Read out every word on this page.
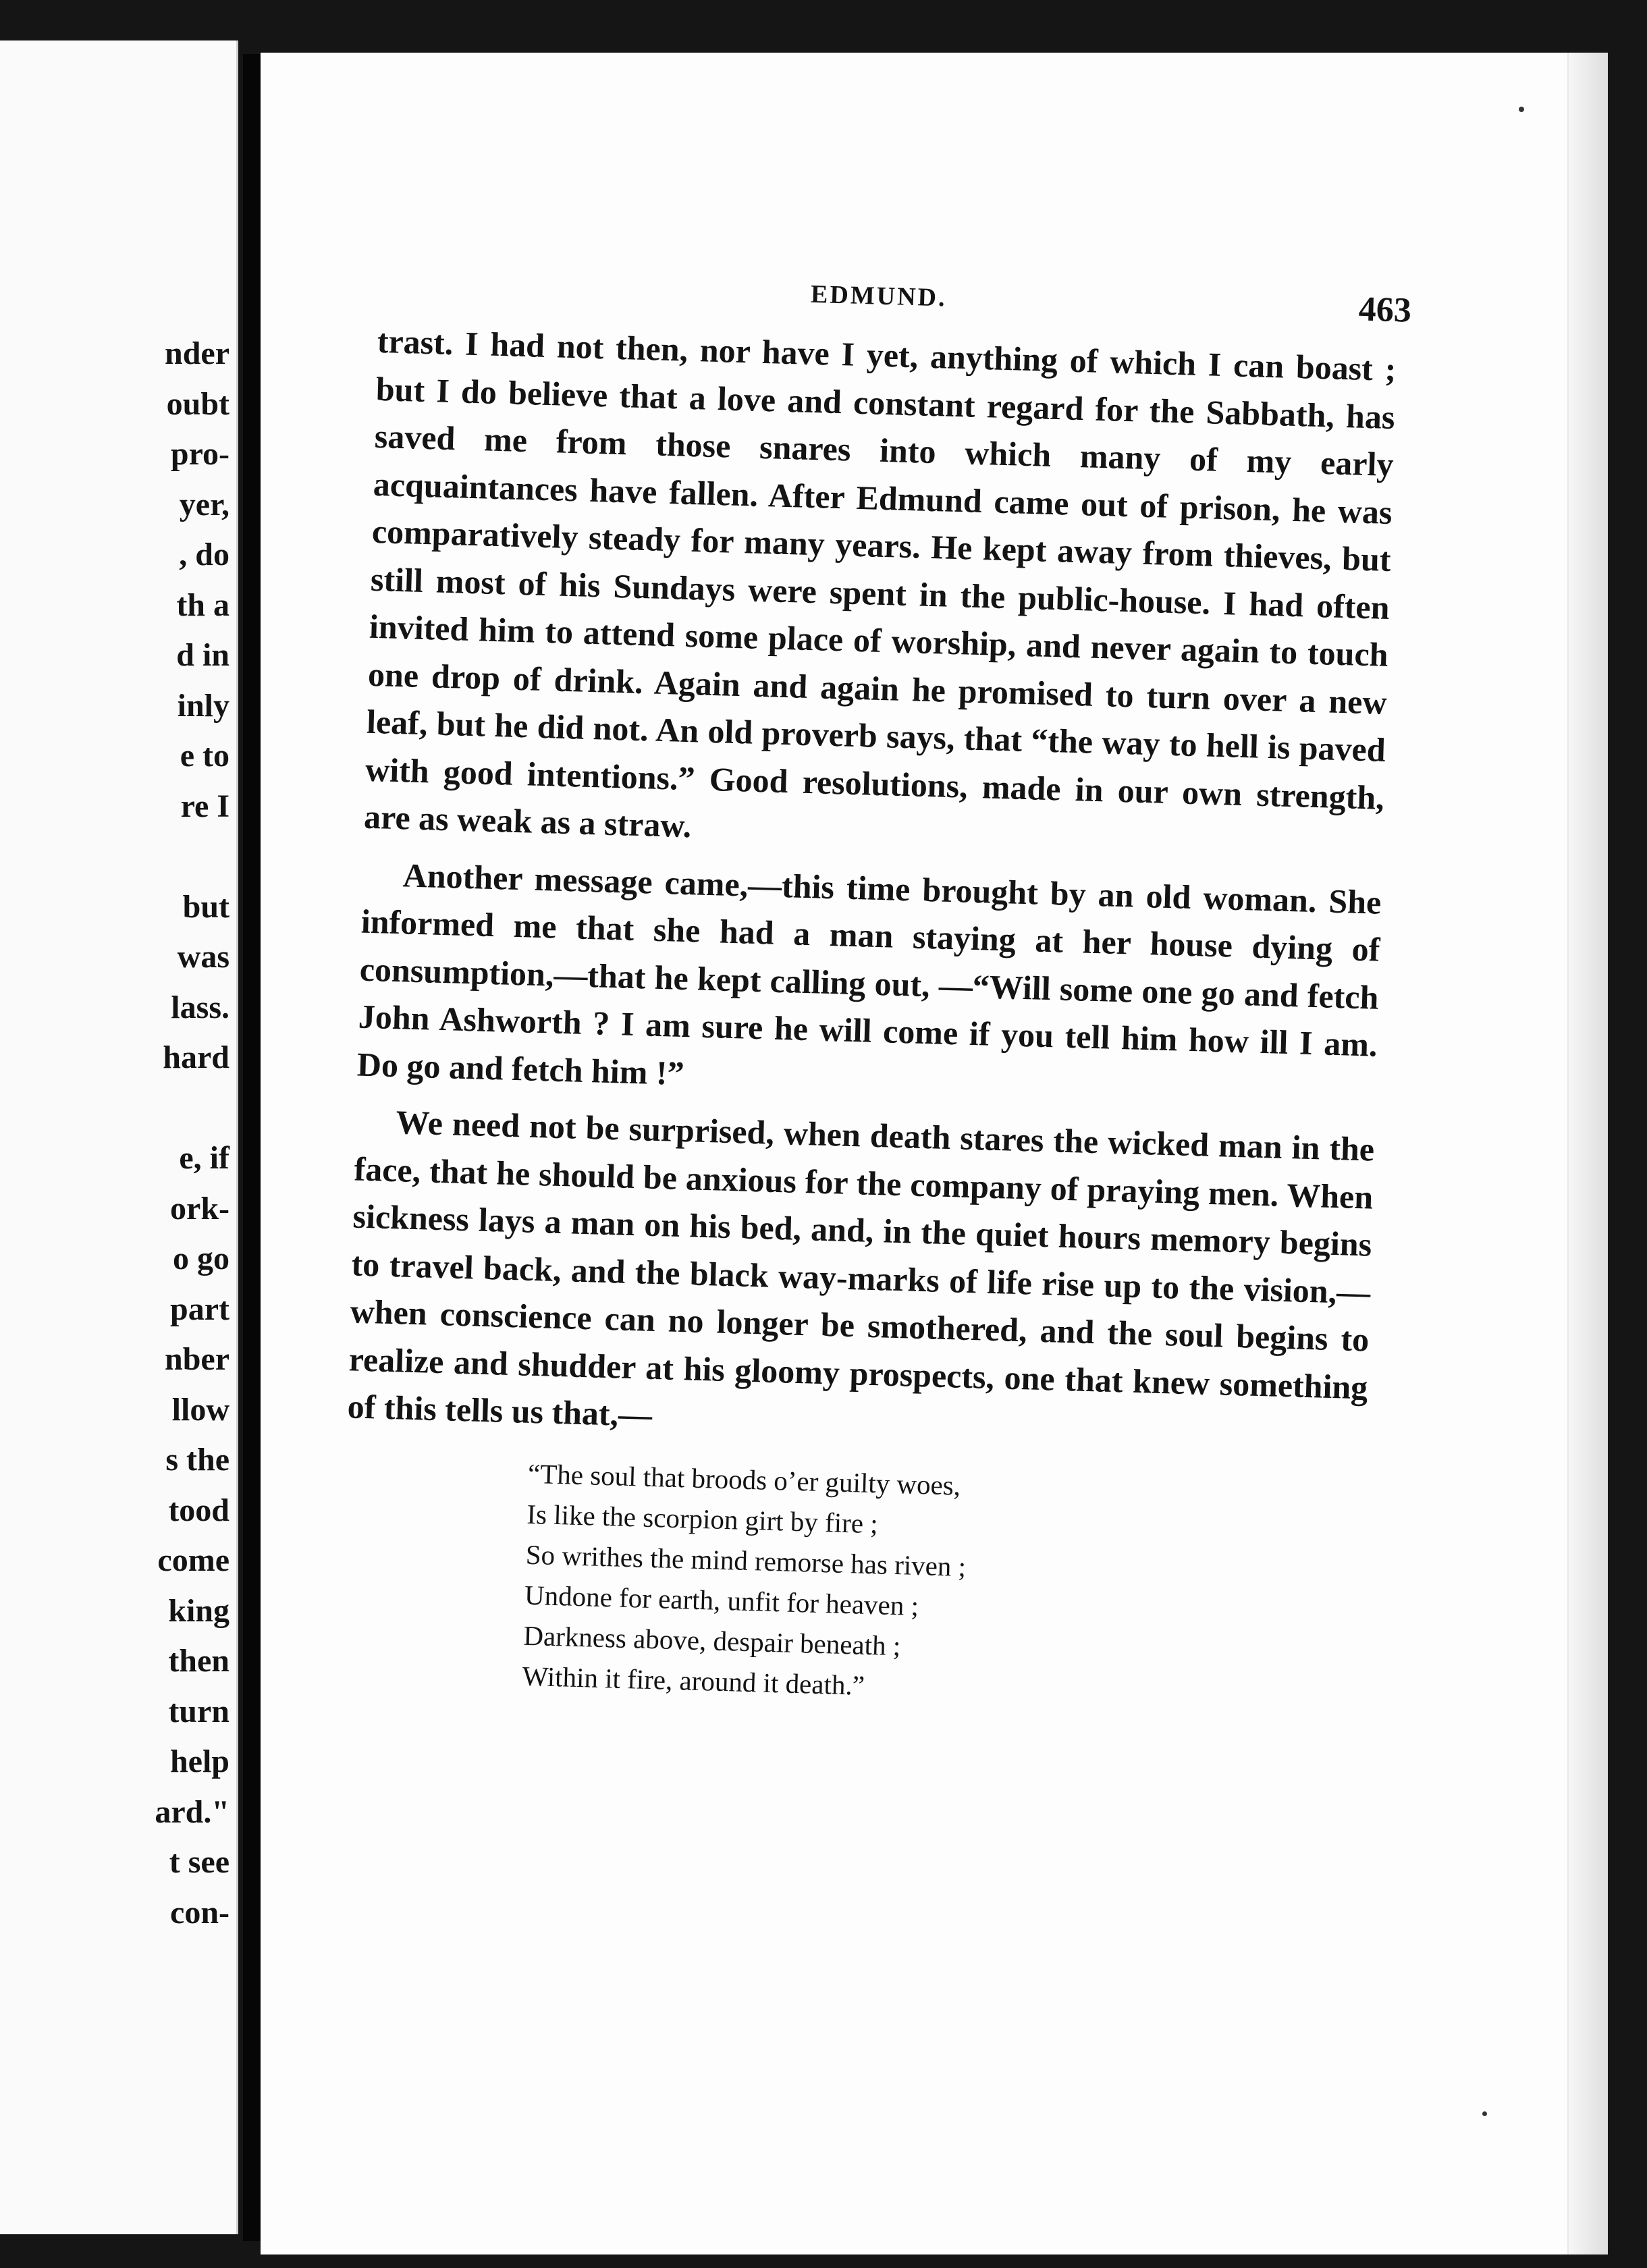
nder
oubt
pro-
yer,
, do
th a
d in
inly
e to
re I
but
was
lass.
hard
e, if
ork-
o go
part
nber
llow
s the
tood
come
king
then
turn
help
ard."
t see
con-
EDMUND.	463

trast. I had not then, nor have I yet, anything of which I can boast ; but I do believe that a love and constant regard for the Sabbath, has saved me from those snares into which many of my early acquaintances have fallen. After Edmund came out of prison, he was comparatively steady for many years. He kept away from thieves, but still most of his Sundays were spent in the public-house. I had often invited him to attend some place of worship, and never again to touch one drop of drink. Again and again he promised to turn over a new leaf, but he did not. An old proverb says, that “the way to hell is paved with good intentions.” Good resolutions, made in our own strength, are as weak as a straw.

Another message came,—this time brought by an old woman. She informed me that she had a man staying at her house dying of consumption,—that he kept calling out, —“Will some one go and fetch John Ashworth ? I am sure he will come if you tell him how ill I am. Do go and fetch him !”

We need not be surprised, when death stares the wicked man in the face, that he should be anxious for the company of praying men. When sickness lays a man on his bed, and, in the quiet hours memory begins to travel back, and the black way-marks of life rise up to the vision,—when conscience can no longer be smothered, and the soul begins to realize and shudder at his gloomy prospects, one that knew something of this tells us that,—

“The soul that broods o’er guilty woes,
Is like the scorpion girt by fire ;
So writhes the mind remorse has riven ;
Undone for earth, unfit for heaven ;
Darkness above, despair beneath ;
Within it fire, around it death.”
